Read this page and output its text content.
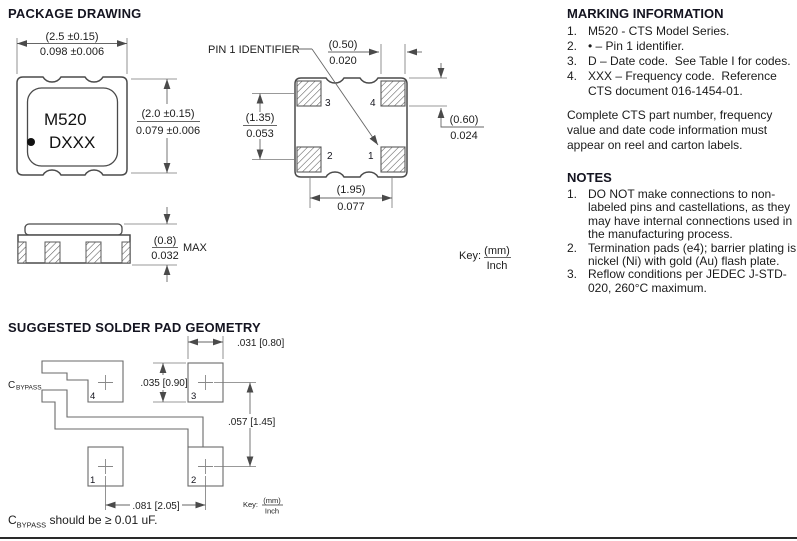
PACKAGE DRAWING
M520
DXXX
(2.5 ±0.15)
0.098 ±0.006
(2.0 ±0.15)
0.079 ±0.006
(0.8)
0.032
MAX
3	4
2	1
PIN 1 IDENTIFIER	(0.50)
0.020
(0.60)
0.024
(1.35)
0.053
(1.95)
0.077
Key: (mm)
Inch
SUGGESTED SOLDER PAD GEOMETRY
4	3
1	2
C BYPASS
.031 [0.80]
.035 [0.90]
.057 [1.45]
.081 [2.05]	Key: (mm)
Inch
$C_{BYPASS}$ should be ≥ 0.01 uF.

MARKING INFORMATION

1. M520 - CTS Model Series.
2. • – Pin 1 identifier.
3. D – Date code.  See Table I for codes.
4. XXX – Frequency code.  Reference CTS document 016-1454-01.

Complete CTS part number, frequency value and date code information must appear on reel and carton labels.

NOTES

1. DO NOT make connections to non-labeled pins and castellations, as they may have internal connections used in the manufacturing process.
2. Termination pads (e4); barrier plating is nickel (Ni) with gold (Au) flash plate.
3. Reflow conditions per JEDEC J-STD-020, 260°C maximum.
